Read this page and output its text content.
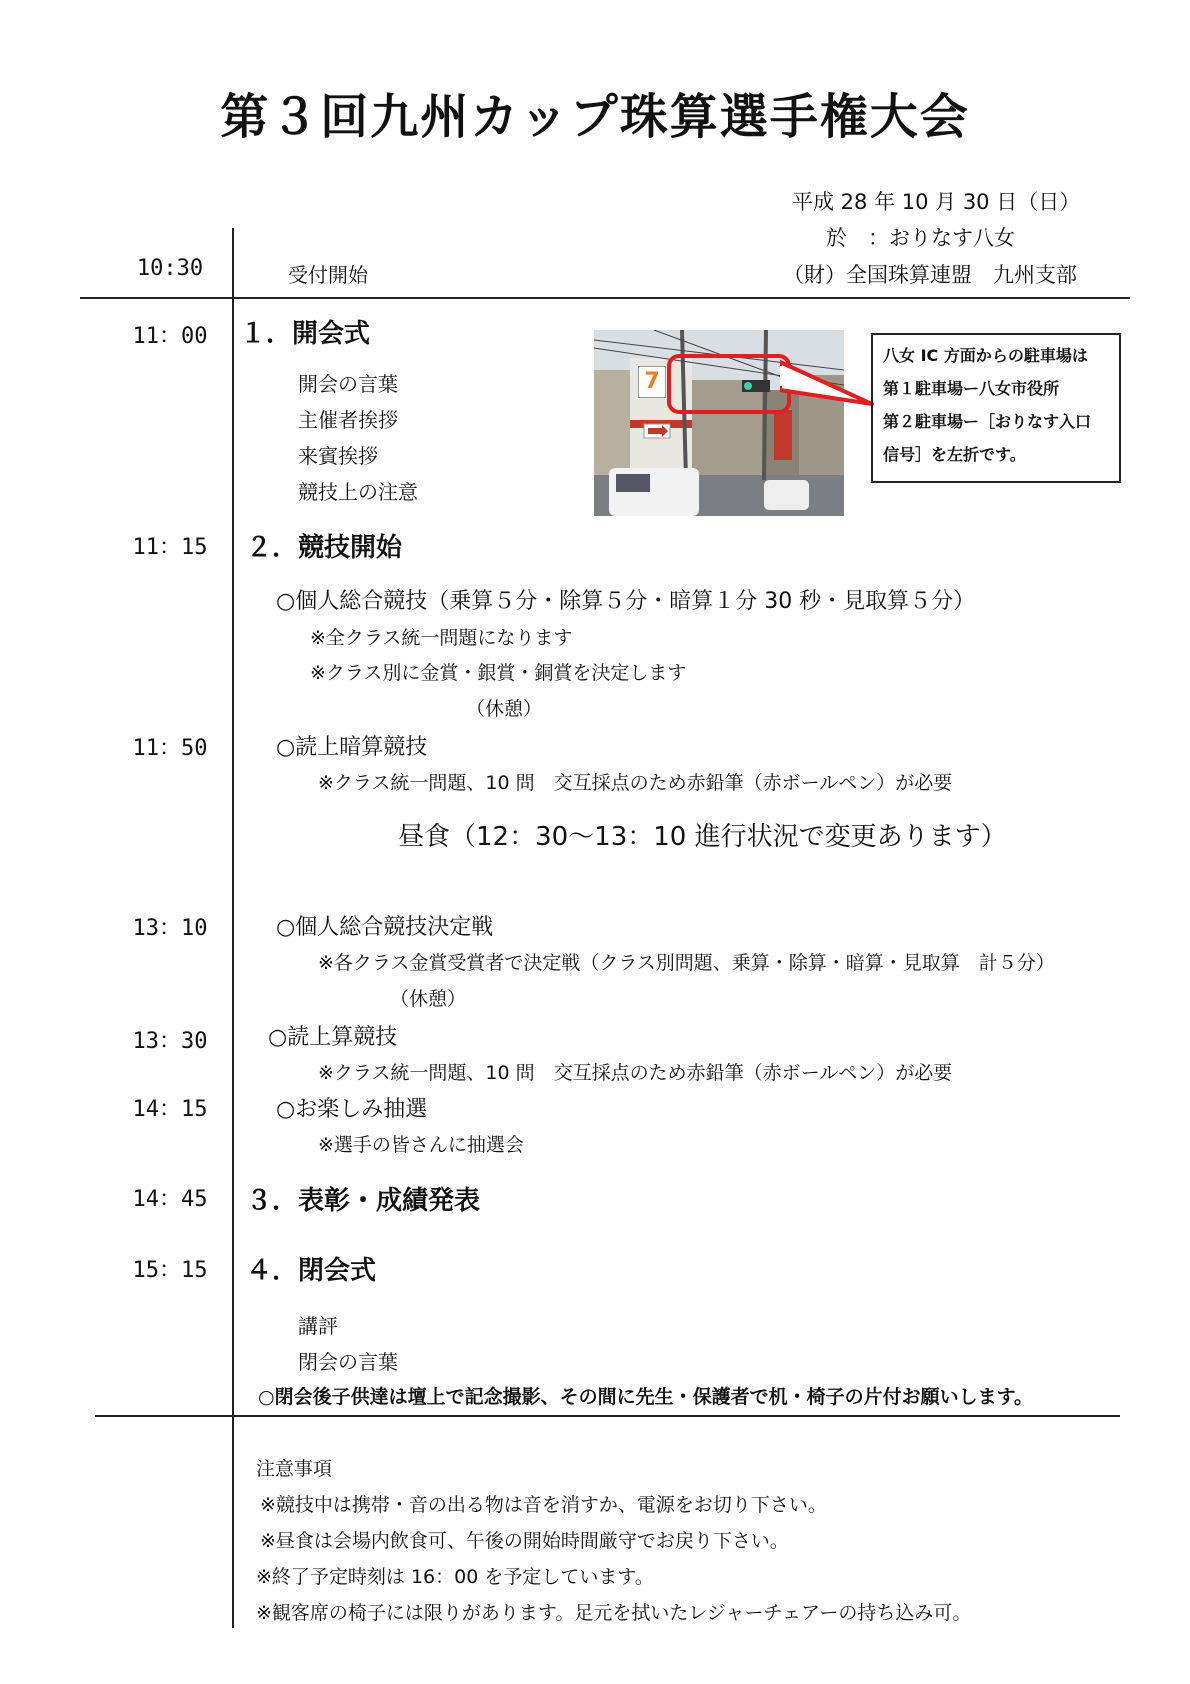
第３回九州カップ珠算選手権大会
平成 28 年 10 月 30 日（日）
於　：おりなす八女
（財）全国珠算連盟　九州支部
10:30	受付開始
11：00	１．開会式
開会の言葉
主催者挨拶
来賓挨拶
競技上の注意
7
八女 IC 方面からの駐車場は
第１駐車場ー八女市役所
第２駐車場ー［おりなす入口
信号］を左折です。
11：15	２．競技開始
○個人総合競技（乗算５分・除算５分・暗算１分 30 秒・見取算５分）
※全クラス統一問題になります
※クラス別に金賞・銀賞・銅賞を決定します
（休憩）
11：50	○読上暗算競技
※クラス統一問題、10 問　交互採点のため赤鉛筆（赤ボールペン）が必要
昼食（12：30〜13：10 進行状況で変更あります）
13：10	○個人総合競技決定戦
※各クラス金賞受賞者で決定戦（クラス別問題、乗算・除算・暗算・見取算　計５分）
（休憩）
13：30	○読上算競技
※クラス統一問題、10 問　交互採点のため赤鉛筆（赤ボールペン）が必要
14：15	○お楽しみ抽選
※選手の皆さんに抽選会
14：45	３．表彰・成績発表
15：15	４．閉会式
講評
閉会の言葉
○閉会後子供達は壇上で記念撮影、その間に先生・保護者で机・椅子の片付お願いします。
注意事項
※競技中は携帯・音の出る物は音を消すか、電源をお切り下さい。
※昼食は会場内飲食可、午後の開始時間厳守でお戻り下さい。
※終了予定時刻は 16：00 を予定しています。
※観客席の椅子には限りがあります。足元を拭いたレジャーチェアーの持ち込み可。
